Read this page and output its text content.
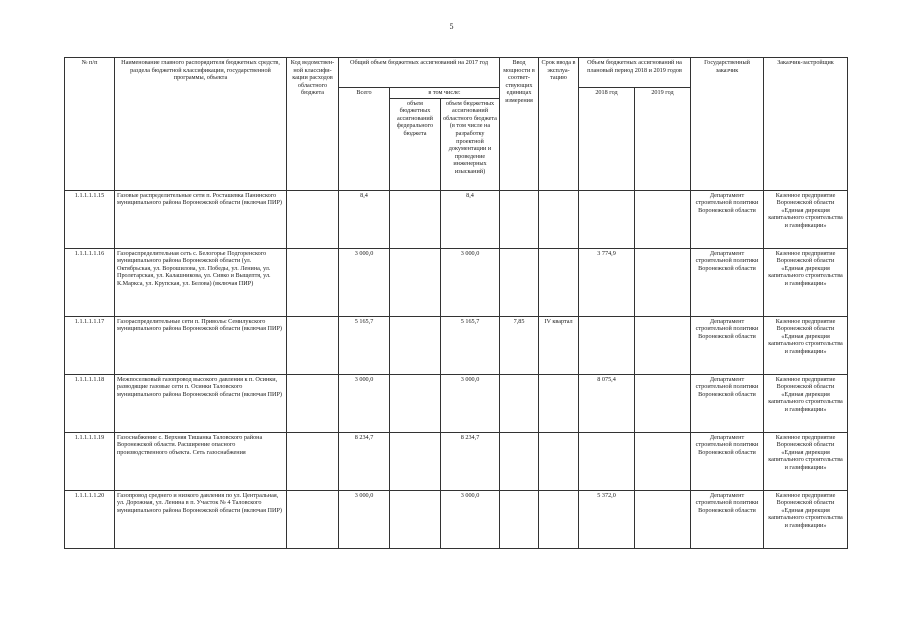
5
№ п/п	Наименование главного распорядителя бюджетных средств, раздела бюджетной классификации, государственной программы, объекта	Код ведомствен-ной классифи-кации расходов областного бюджета	Общий объем бюджетных ассигнований на 2017 год			Ввод мощности в соответ-ствующих единицах измерения	Срок ввода в эксплуа-тацию	Объем бюджетных ассигнований на плановый период 2018 и 2019 годов		Государственный заказчик	Заказчик-застройщик
			Всего	в том числе:				2018 год	2019 год		
				объем бюджетных ассигнований федерального бюджета	объем бюджетных ассигнований областного бюджета (в том числе на разработку проектной документации и проведение инженерных изысканий)						
1.1.1.1.1.15	Газовые распределительные сети п. Росташевка Панинского муниципального района Воронежской области (включая ПИР)		8,4		8,4					Департамент строительной политики Воронежской области	Казенное предприятие Воронежской области «Единая дирекция капитального строительства и газификации»
1.1.1.1.1.16	Газораспределительная сеть с. Белогорье Подгоренского муниципального района Воронежской области (ул. Октябрьская, ул. Ворошилова, ул. Победы, ул. Ленина, ул. Пролетарская, ул. Калашникова, ул. Сивко и Выщептя, ул. К.Маркса, ул. Крупская, ул. Белова) (включая ПИР)		3 000,0		3 000,0			3 774,9		Департамент строительной политики Воронежской области	Казенное предприятие Воронежской области «Единая дирекция капитального строительства и газификации»
1.1.1.1.1.17	Газораспределительные сети п. Привольє Семилукского муниципального района Воронежской области (включая ПИР)		5 165,7		5 165,7	7,85	IV квартал			Департамент строительной политики Воронежской области	Казенное предприятие Воронежской области «Единая дирекция капитального строительства и газификации»
1.1.1.1.1.18	Межпоселковый газопровод высокого давления к п. Осинки, разводящие газовые сети п. Осинки Таловского муниципального района Воронежской области (включая ПИР)		3 000,0		3 000,0			8 075,4		Департамент строительной политики Воронежской области	Казенное предприятие Воронежской области «Единая дирекция капитального строительства и газификации»
1.1.1.1.1.19	Газоснабжение с. Верхняя Тишанка Таловского района Воронежской области. Расширение опасного производственного объекта. Сеть газоснабжения		8 234,7		8 234,7					Департамент строительной политики Воронежской области	Казенное предприятие Воронежской области «Единая дирекция капитального строительства и газификации»
1.1.1.1.1.20	Газопровод среднего и низкого давления по ул. Центральная, ул. Дорожная, ул. Ленина в п. Участок № 4 Таловского муниципального района Воронежской области (включая ПИР)		3 000,0		3 000,0			5 372,0		Департамент строительной политики Воронежской области	Казенное предприятие Воронежской области «Единая дирекция капитального строительства и газификации»
